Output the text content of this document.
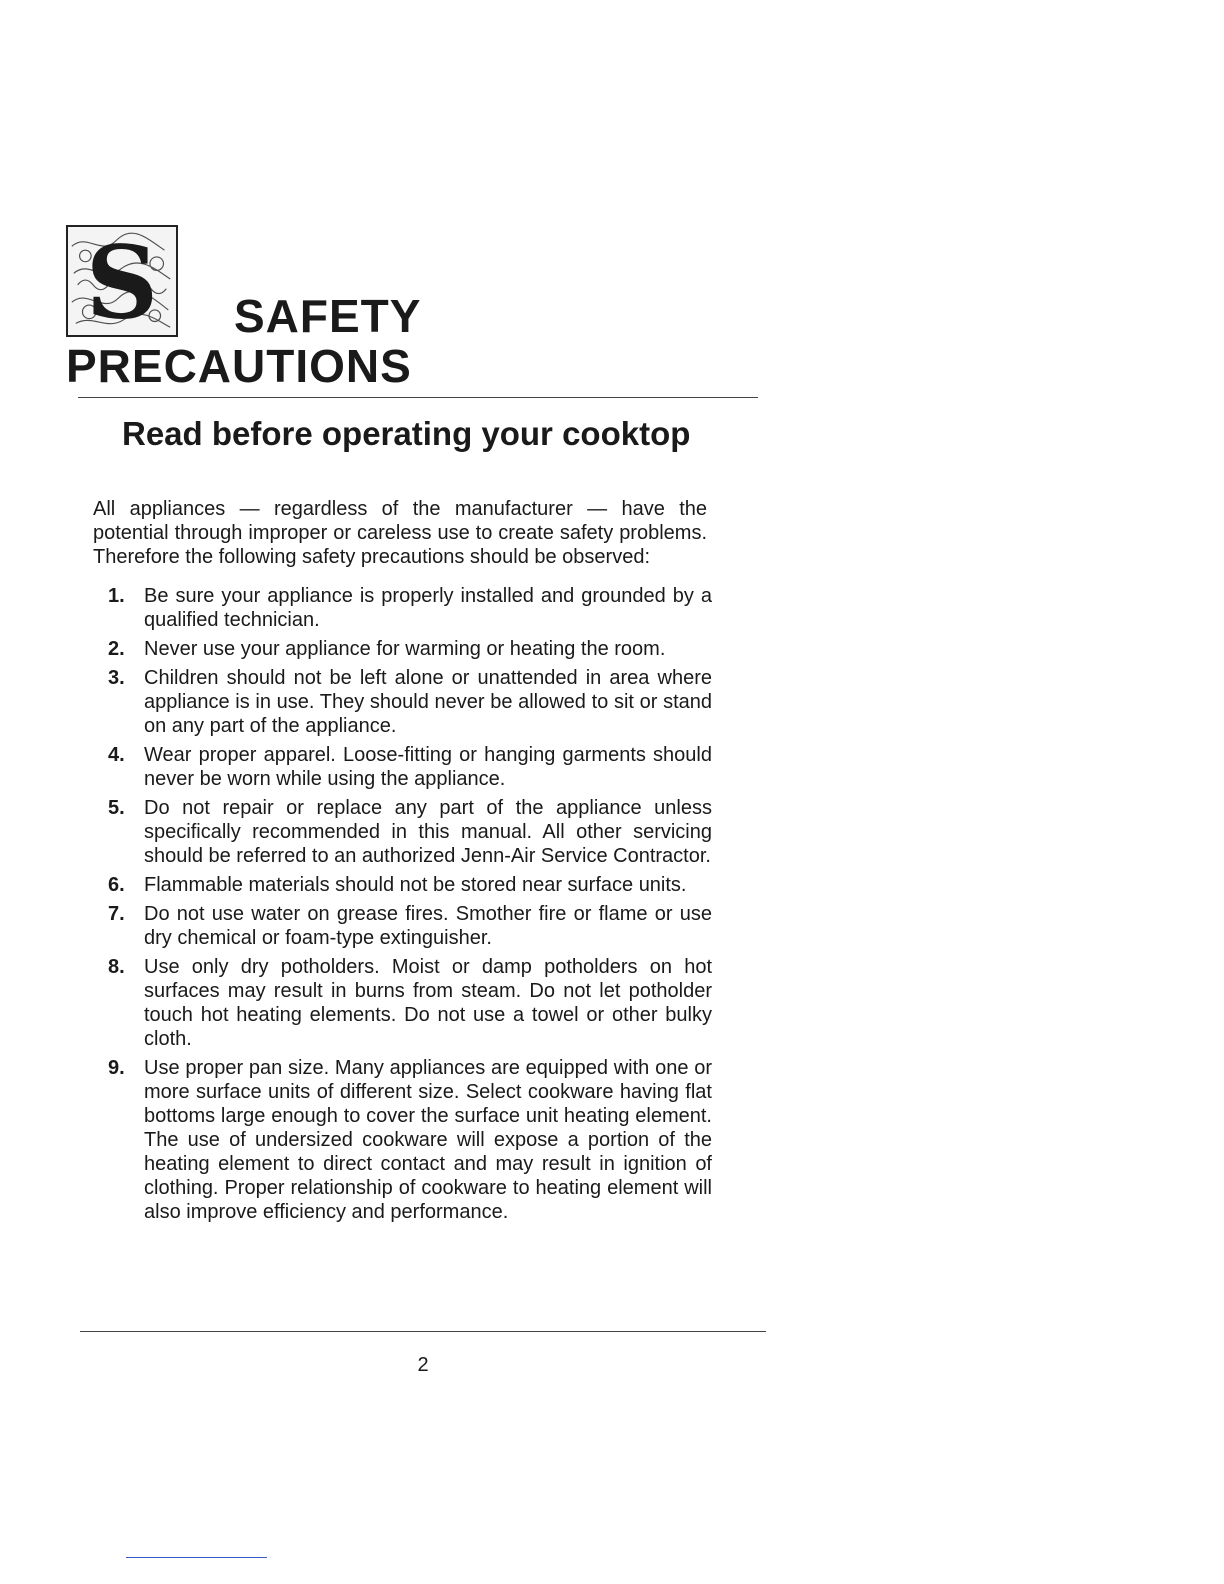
S SAFETY
PRECAUTIONS
Read before operating your cooktop

All appliances — regardless of the manufacturer — have the potential through improper or careless use to create safety problems. Therefore the following safety precautions should be observed:

1. Be sure your appliance is properly installed and grounded by a qualified technician.
2. Never use your appliance for warming or heating the room.
3. Children should not be left alone or unattended in area where appliance is in use. They should never be allowed to sit or stand on any part of the appliance.
4. Wear proper apparel. Loose-fitting or hanging garments should never be worn while using the appliance.
5. Do not repair or replace any part of the appliance unless specifically recommended in this manual. All other servicing should be referred to an authorized Jenn-Air Service Contractor.
6. Flammable materials should not be stored near surface units.
7. Do not use water on grease fires. Smother fire or flame or use dry chemical or foam-type extinguisher.
8. Use only dry potholders. Moist or damp potholders on hot surfaces may result in burns from steam. Do not let potholder touch hot heating elements. Do not use a towel or other bulky cloth.
9. Use proper pan size. Many appliances are equipped with one or more surface units of different size. Select cookware having flat bottoms large enough to cover the surface unit heating element. The use of undersized cookware will expose a portion of the heating element to direct contact and may result in ignition of clothing. Proper relationship of cookware to heating element will also improve efficiency and performance.
2
